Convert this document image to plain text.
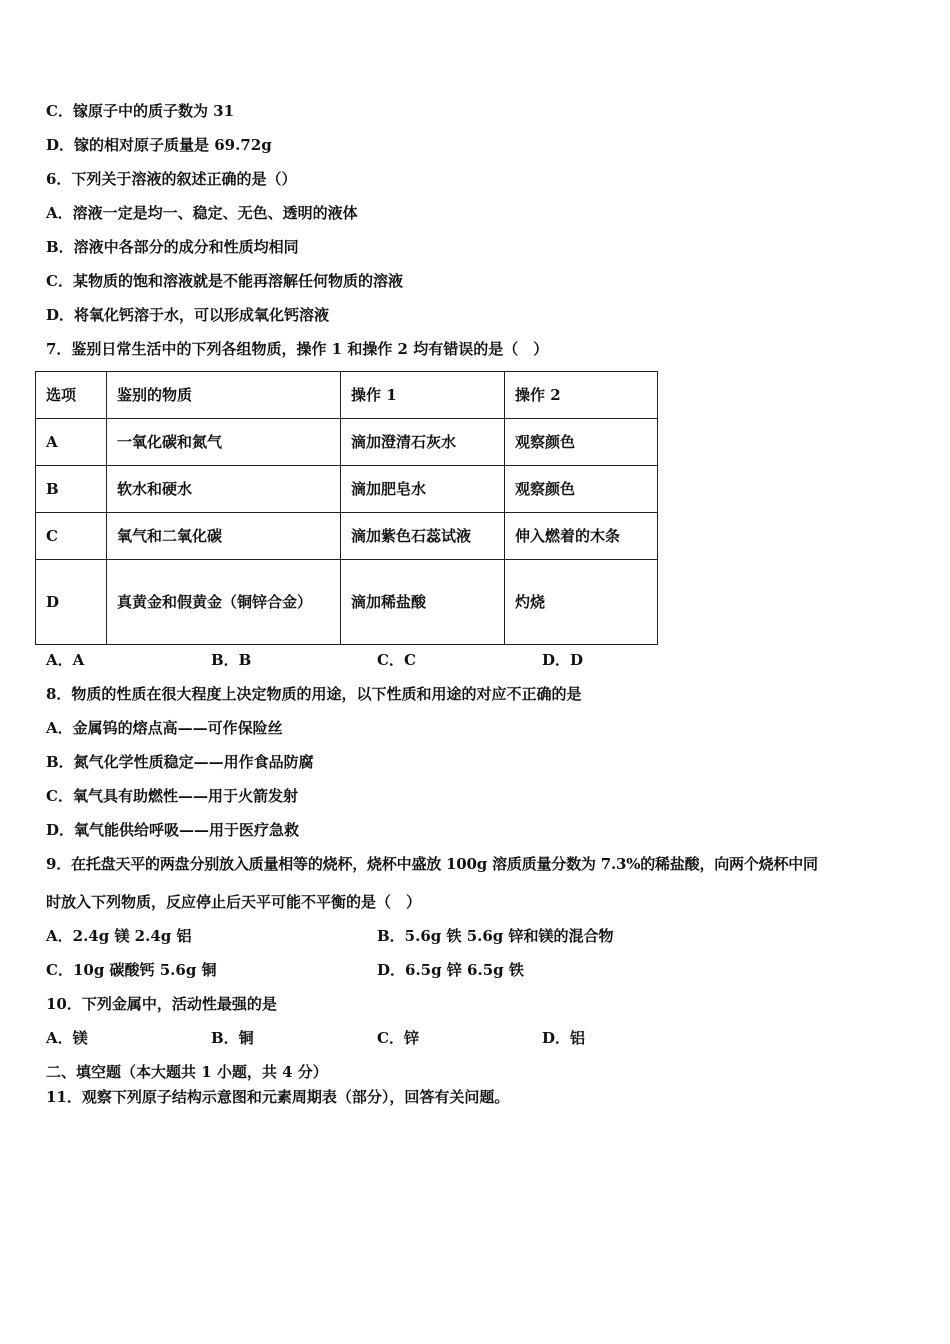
C．镓原子中的质子数为 31
D．镓的相对原子质量是 69.72g
6．下列关于溶液的叙述正确的是（）
A．溶液一定是均一、稳定、无色、透明的液体
B．溶液中各部分的成分和性质均相同
C．某物质的饱和溶液就是不能再溶解任何物质的溶液
D．将氧化钙溶于水，可以形成氧化钙溶液
7．鉴别日常生活中的下列各组物质，操作 1 和操作 2 均有错误的是（　）
选项	鉴别的物质	操作 1	操作 2
A	一氧化碳和氮气	滴加澄清石灰水	观察颜色
B	软水和硬水	滴加肥皂水	观察颜色
C	氧气和二氧化碳	滴加紫色石蕊试液	伸入燃着的木条
D	真黄金和假黄金（铜锌合金）	滴加稀盐酸	灼烧
A．A	B．B	C．C	D．D
8．物质的性质在很大程度上决定物质的用途，以下性质和用途的对应不正确的是
A．金属钨的熔点高——可作保险丝
B．氮气化学性质稳定——用作食品防腐
C．氧气具有助燃性——用于火箭发射
D．氧气能供给呼吸——用于医疗急救
9．在托盘天平的两盘分别放入质量相等的烧杯，烧杯中盛放 100g 溶质质量分数为 7.3%的稀盐酸，向两个烧杯中同
时放入下列物质，反应停止后天平可能不平衡的是（　）
A．2.4g 镁 2.4g 铝	B．5.6g 铁 5.6g 锌和镁的混合物
C．10g 碳酸钙 5.6g 铜	D．6.5g 锌 6.5g 铁
10．下列金属中，活动性最强的是
A．镁	B．铜	C．锌	D．铝
二、填空题（本大题共 1 小题，共 4 分）
11．观察下列原子结构示意图和元素周期表（部分），回答有关问题。
